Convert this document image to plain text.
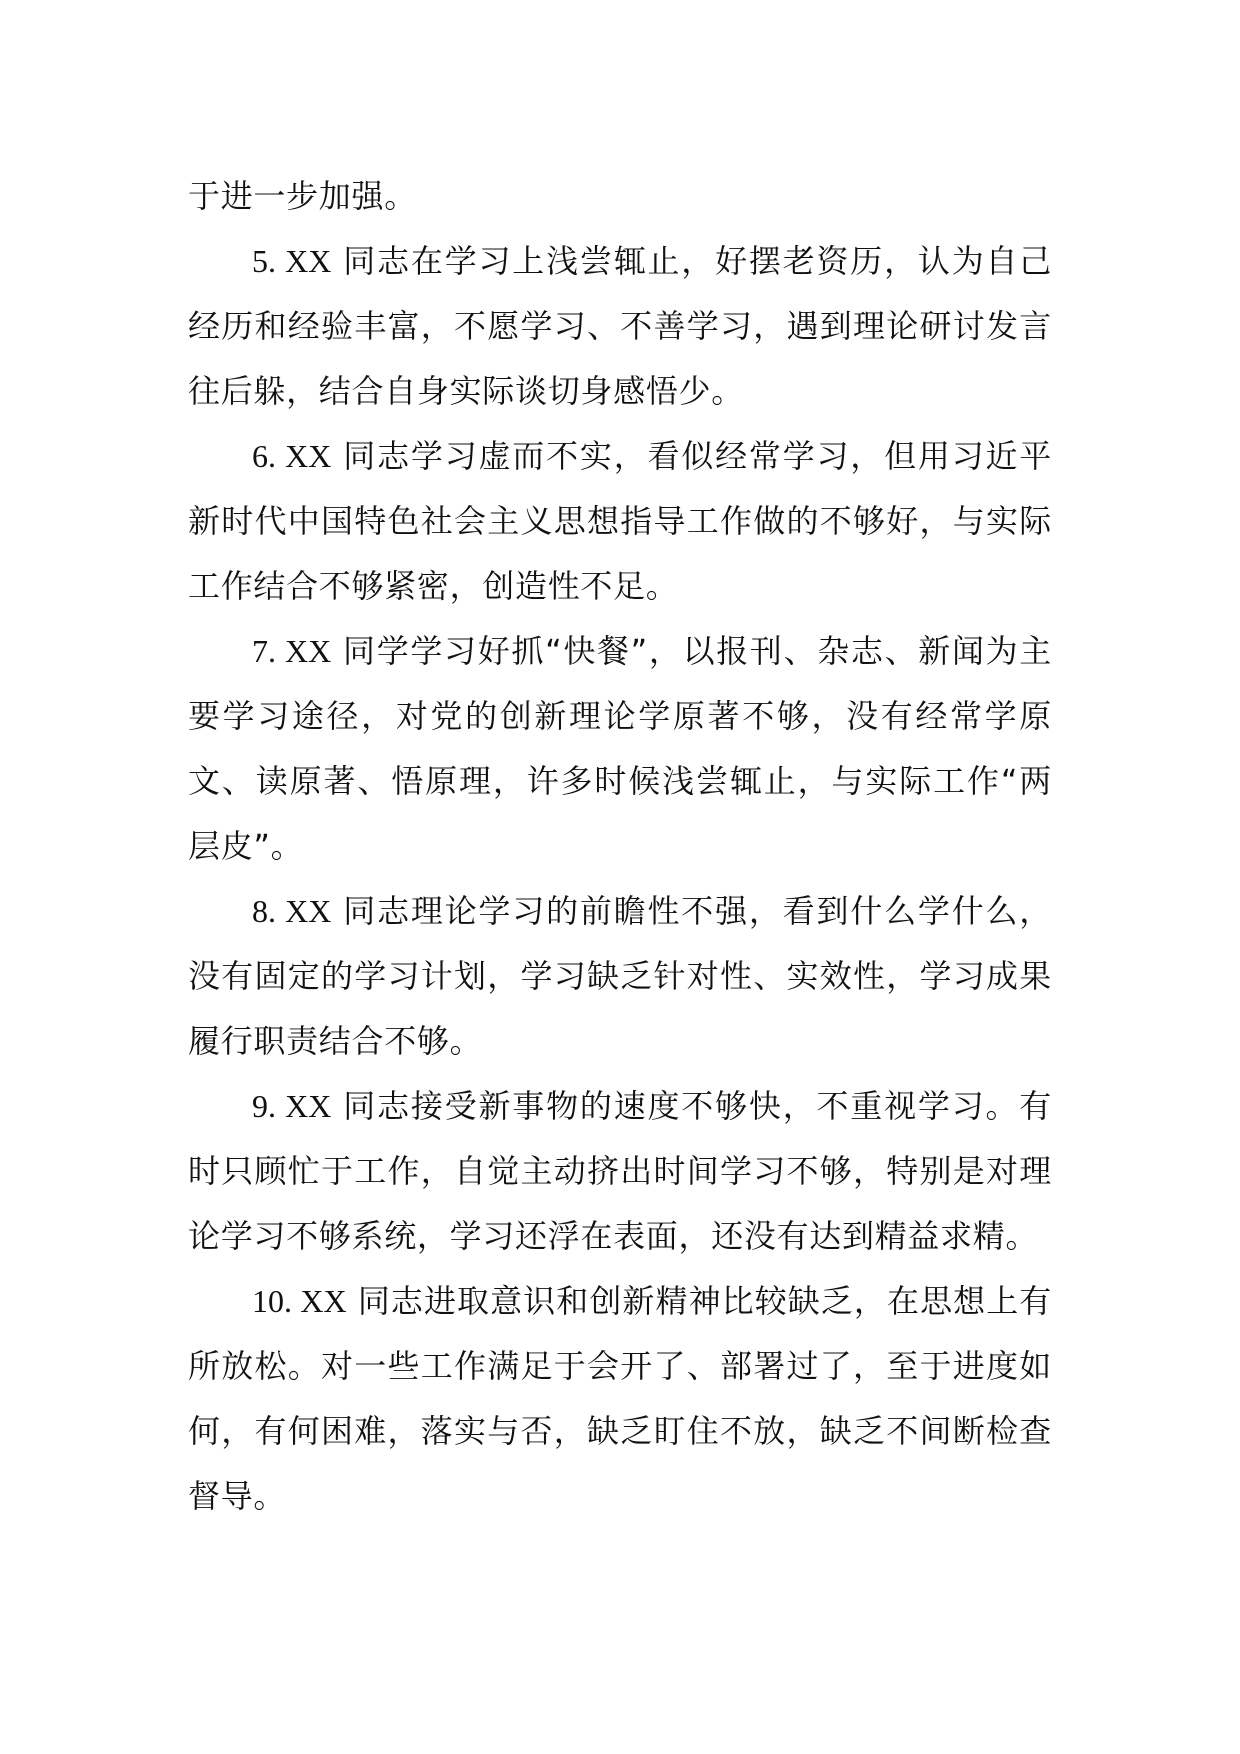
于进一步加强。

5. XX 同志在学习上浅尝辄止，好摆老资历，认为自己经历和经验丰富，不愿学习、不善学习，遇到理论研讨发言往后躲，结合自身实际谈切身感悟少。

6. XX 同志学习虚而不实，看似经常学习，但用习近平新时代中国特色社会主义思想指导工作做的不够好，与实际工作结合不够紧密，创造性不足。

7. XX 同学学习好抓“快餐”，以报刊、杂志、新闻为主要学习途径，对党的创新理论学原著不够，没有经常学原文、读原著、悟原理，许多时候浅尝辄止，与实际工作“两层皮”。

8. XX 同志理论学习的前瞻性不强，看到什么学什么，没有固定的学习计划，学习缺乏针对性、实效性，学习成果履行职责结合不够。

9. XX 同志接受新事物的速度不够快，不重视学习。有时只顾忙于工作，自觉主动挤出时间学习不够，特别是对理论学习不够系统，学习还浮在表面，还没有达到精益求精。

10. XX 同志进取意识和创新精神比较缺乏，在思想上有所放松。对一些工作满足于会开了、部署过了，至于进度如何，有何困难，落实与否，缺乏盯住不放，缺乏不间断检查督导。
